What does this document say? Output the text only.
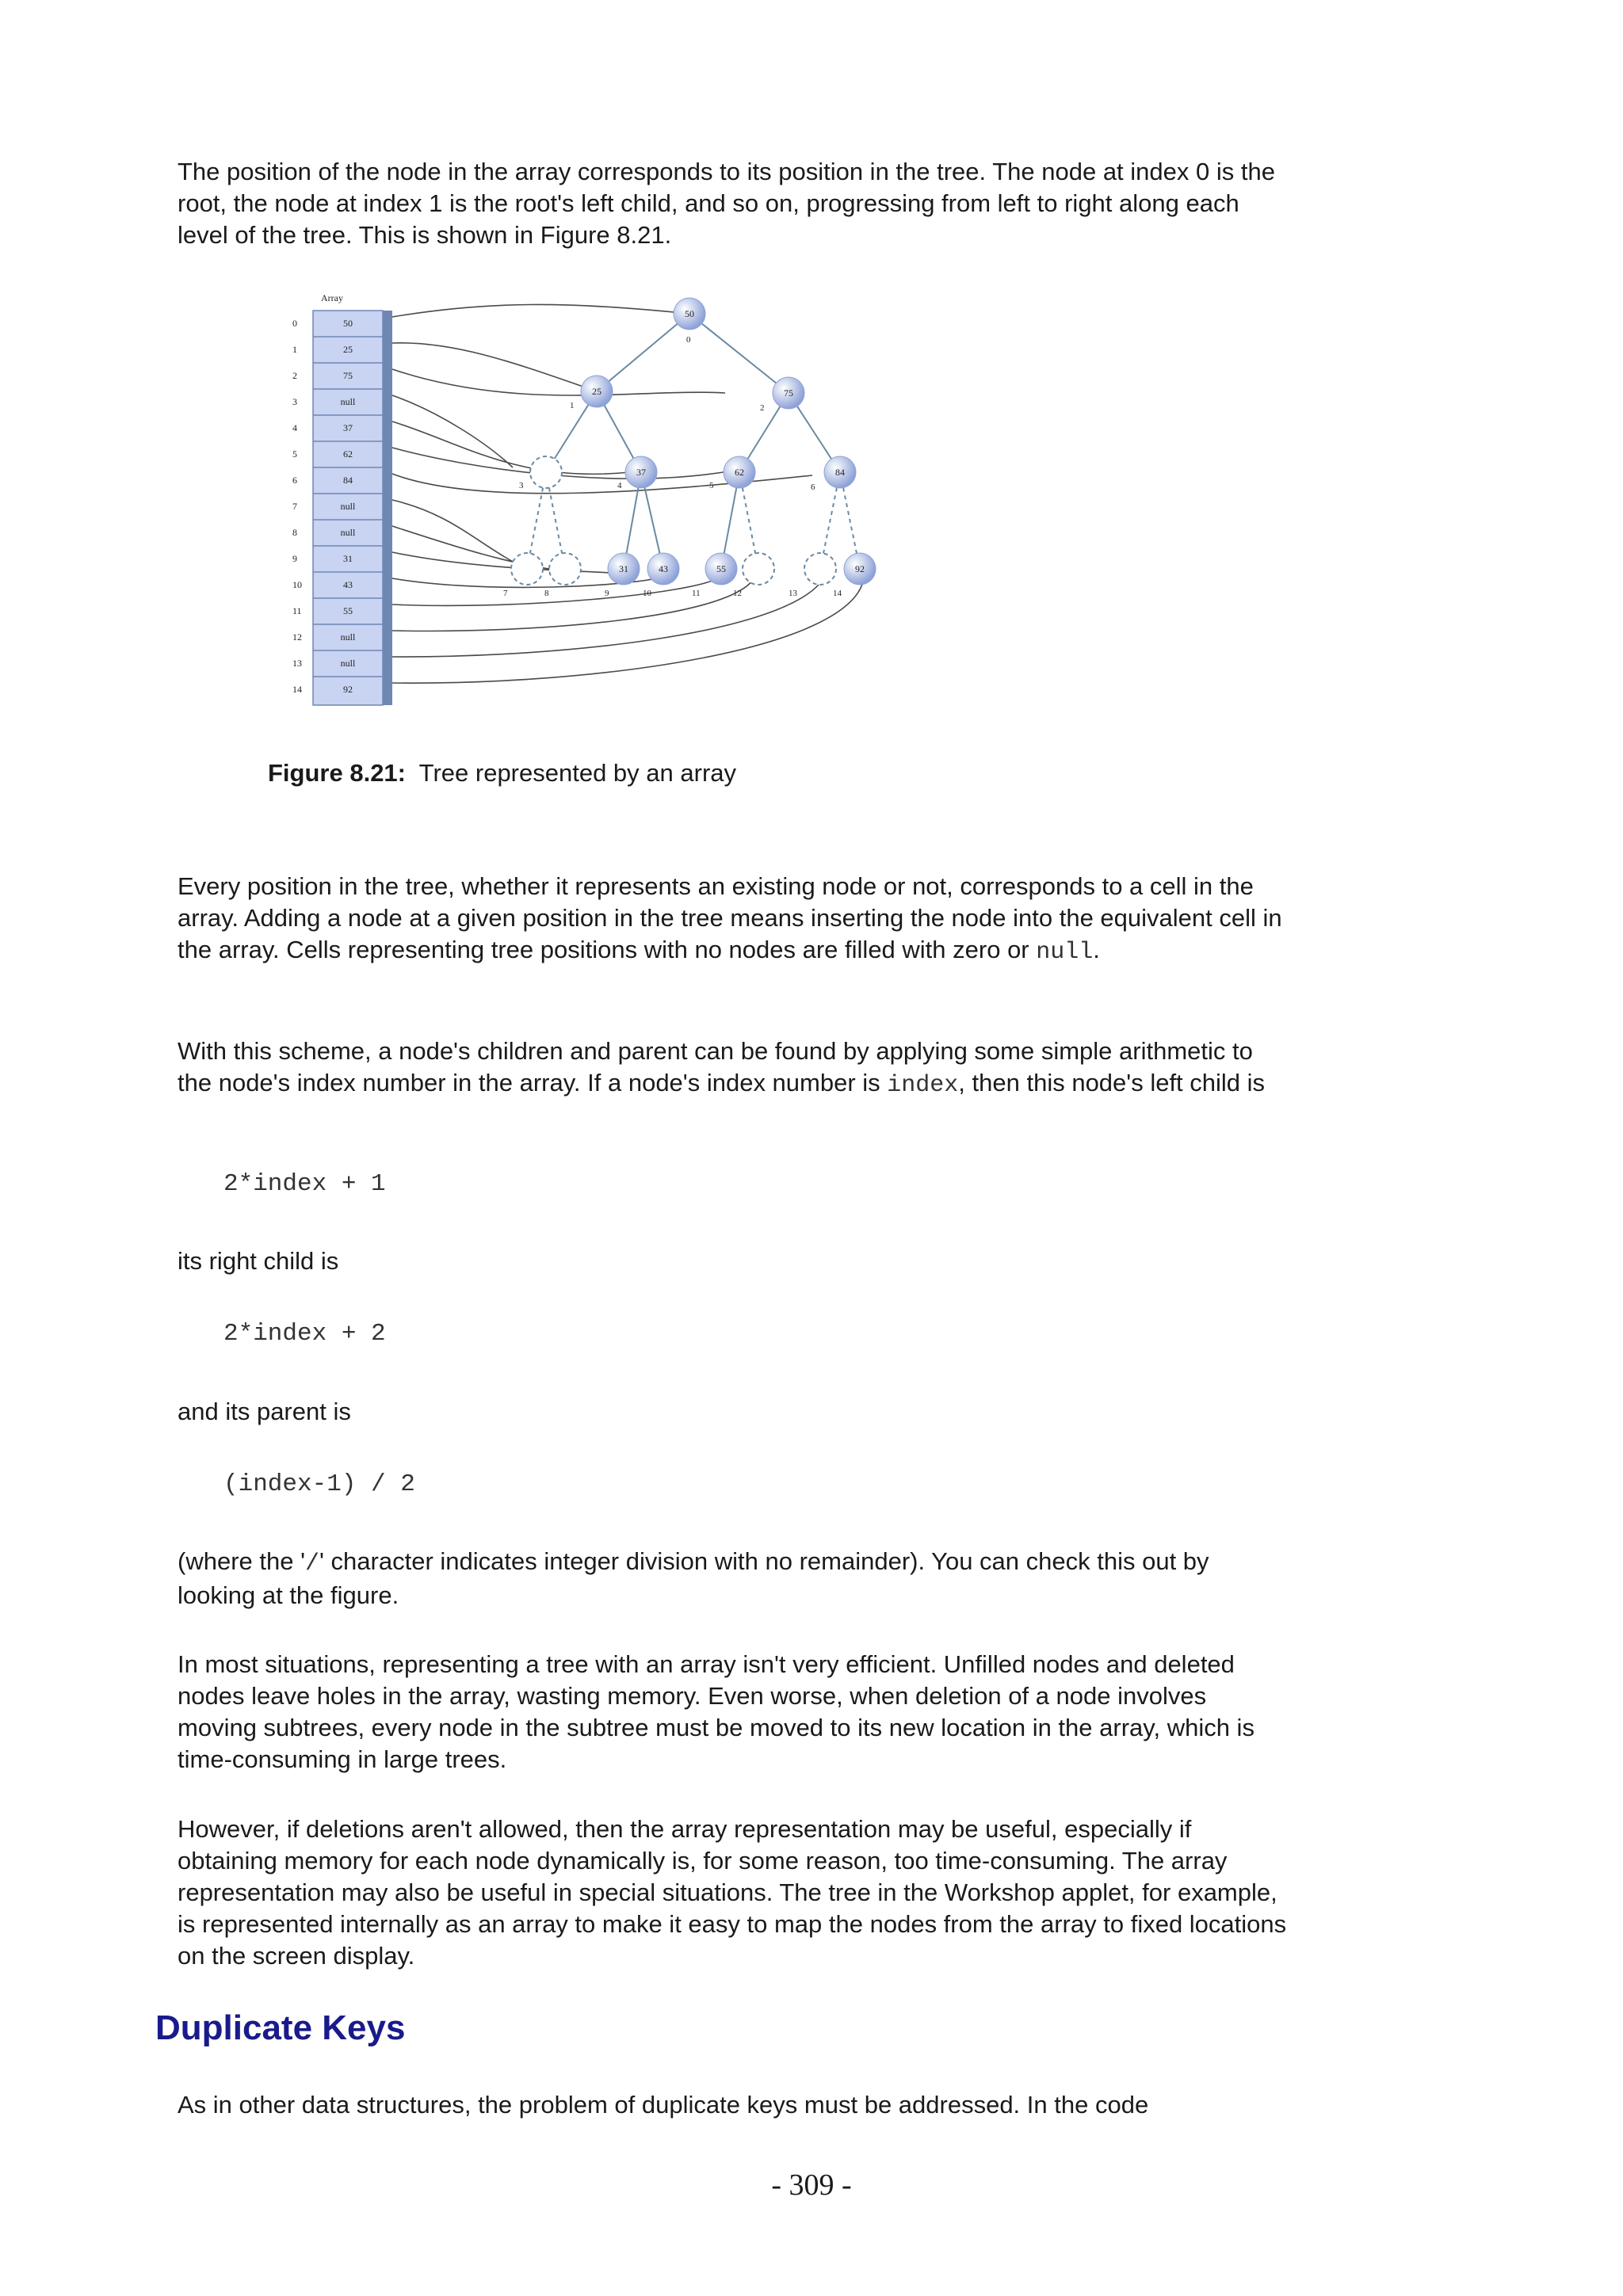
The position of the node in the array corresponds to its position in the tree. The node at index 0 is the root, the node at index 1 is the root's left child, and so on, progressing from left to right along each level of the tree. This is shown in Figure 8.21.

Array
0	50
1	25
2	75
3	null
4	37
5	62
6	84
7	null
8	null
9	31
10	43
11	55
12	null
13	null
14	92
50
25	75
37	62	84
31	43	55	92
0
1	2
3	4	5	6
7	8	9	10	11	12	13	14

Figure 8.21: Tree represented by an array

Every position in the tree, whether it represents an existing node or not, corresponds to a cell in the array. Adding a node at a given position in the tree means inserting the node into the equivalent cell in the array. Cells representing tree positions with no nodes are filled with zero or null.

With this scheme, a node's children and parent can be found by applying some simple arithmetic to the node's index number in the array. If a node's index number is index, then this node's left child is

2*index + 1

its right child is

2*index + 2

and its parent is

(index-1) / 2

(where the '/' character indicates integer division with no remainder). You can check this out by looking at the figure.

In most situations, representing a tree with an array isn't very efficient. Unfilled nodes and deleted nodes leave holes in the array, wasting memory. Even worse, when deletion of a node involves moving subtrees, every node in the subtree must be moved to its new location in the array, which is time-consuming in large trees.

However, if deletions aren't allowed, then the array representation may be useful, especially if obtaining memory for each node dynamically is, for some reason, too time-consuming. The array representation may also be useful in special situations. The tree in the Workshop applet, for example, is represented internally as an array to make it easy to map the nodes from the array to fixed locations on the screen display.

Duplicate Keys

As in other data structures, the problem of duplicate keys must be addressed. In the code

- 309 -
